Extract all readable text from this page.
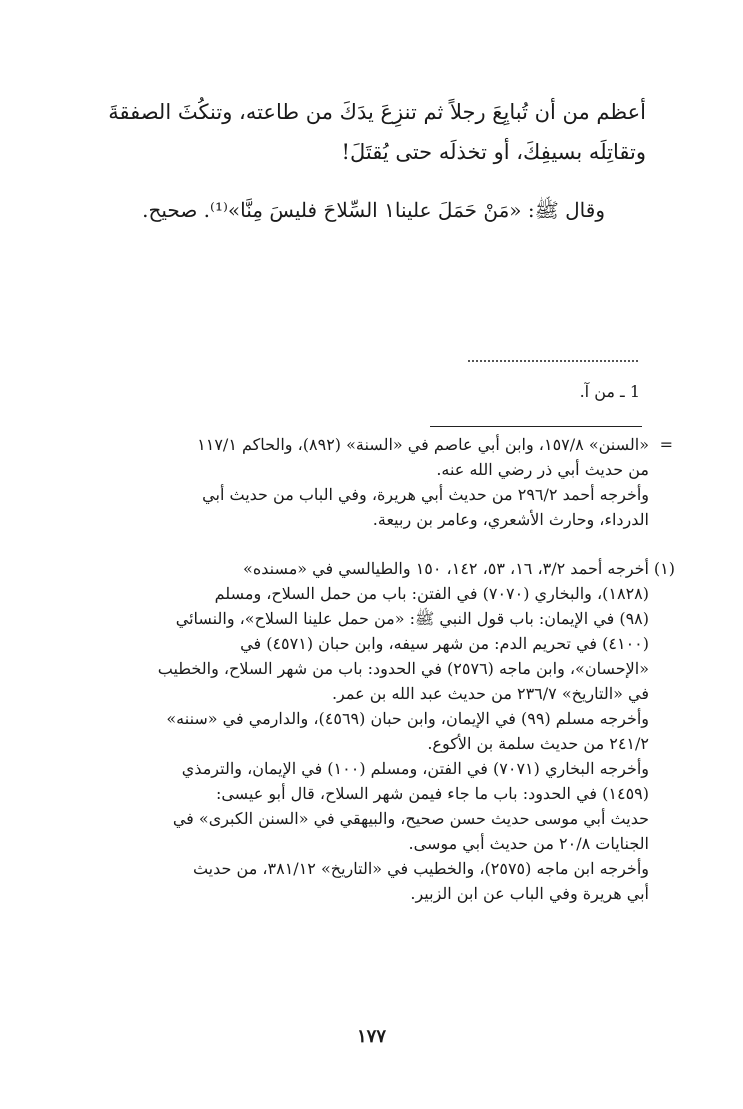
أعظم من أن تُبايِعَ رجلاً ثم تنزِعَ يدَكَ من طاعته، وتنكُثَ الصفقةَ
وتقاتِلَه بسيفِكَ، أو تخذلَه حتى يُقتَلَ!
وقال ﷺ: «مَنْ حَمَلَ علينا١ السِّلاحَ فليسَ مِنَّا»⁽¹⁾. صحيح.
1 ـ من آ.
=
«السنن» ١٥٧/٨، وابن أبي عاصم في «السنة» (٨٩٢)، والحاكم ١١٧/١
من حديث أبي ذر رضي الله عنه.
وأخرجه أحمد ٢٩٦/٢ من حديث أبي هريرة، وفي الباب من حديث أبي
الدرداء، وحارث الأشعري، وعامر بن ربيعة.
(١)
أخرجه أحمد ٣/٢، ١٦، ٥٣، ١٤٢، ١٥٠ والطيالسي في «مسنده»
(١٨٢٨)، والبخاري (٧٠٧٠) في الفتن: باب من حمل السلاح، ومسلم
(٩٨) في الإيمان: باب قول النبي ﷺ: «من حمل علينا السلاح»، والنسائي
(٤١٠٠) في تحريم الدم: من شهر سيفه، وابن حبان (٤٥٧١) في
«الإحسان»، وابن ماجه (٢٥٧٦) في الحدود: باب من شهر السلاح، والخطيب
في «التاريخ» ٢٣٦/٧ من حديث عبد الله بن عمر.
وأخرجه مسلم (٩٩) في الإيمان، وابن حبان (٤٥٦٩)، والدارمي في «سننه»
٢٤١/٢ من حديث سلمة بن الأكوع.
وأخرجه البخاري (٧٠٧١) في الفتن، ومسلم (١٠٠) في الإيمان، والترمذي
(١٤٥٩) في الحدود: باب ما جاء فيمن شهر السلاح، قال أبو عيسى:
حديث أبي موسى حديث حسن صحيح، والبيهقي في «السنن الكبرى» في
الجنايات ٢٠/٨ من حديث أبي موسى.
وأخرجه ابن ماجه (٢٥٧٥)، والخطيب في «التاريخ» ٣٨١/١٢، من حديث
أبي هريرة وفي الباب عن ابن الزبير.
١٧٧
